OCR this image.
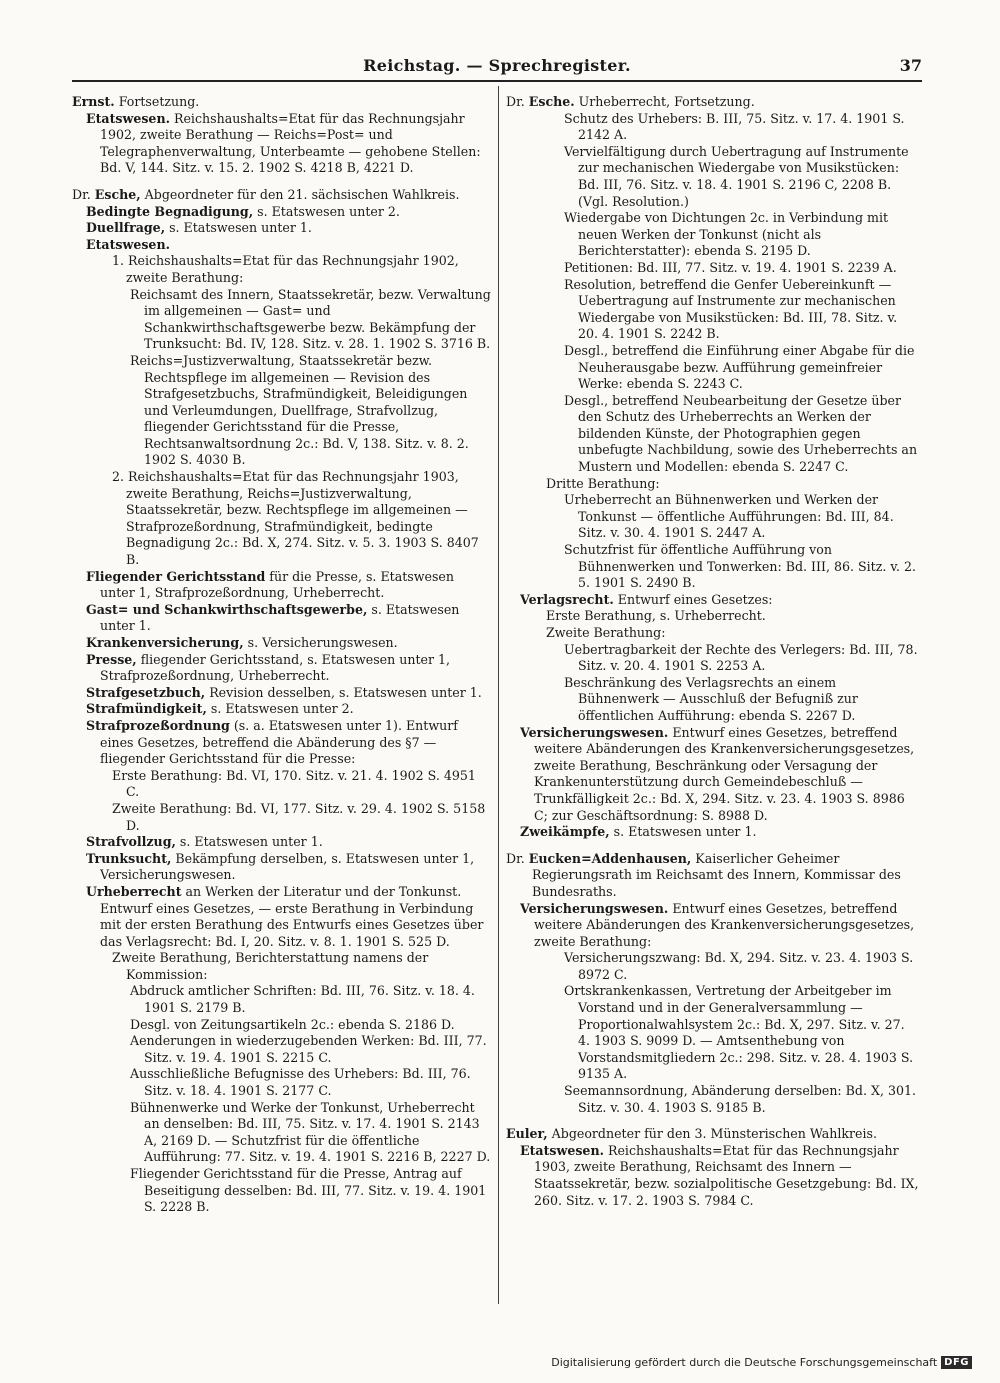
Reichstag. — Sprechregister.	37
Ernst. Fortsetzung.
Etatswesen. Reichshaushalts=Etat für das Rechnungsjahr 1902, zweite Berathung — Reichs=Post= und Telegraphenverwaltung, Unterbeamte — gehobene Stellen: Bd. V, 144. Sitz. v. 15. 2. 1902 S. 4218 B, 4221 D.
Dr. Esche, Abgeordneter für den 21. sächsischen Wahlkreis.
Bedingte Begnadigung, s. Etatswesen unter 2.
Duellfrage, s. Etatswesen unter 1.
Etatswesen.
1. Reichshaushalts=Etat für das Rechnungsjahr 1902, zweite Berathung:
Reichsamt des Innern, Staatssekretär, bezw. Verwaltung im allgemeinen — Gast= und Schankwirthschaftsgewerbe bezw. Bekämpfung der Trunksucht: Bd. IV, 128. Sitz. v. 28. 1. 1902 S. 3716 B.
Reichs=Justizverwaltung, Staatssekretär bezw. Rechtspflege im allgemeinen — Revision des Strafgesetzbuchs, Strafmündigkeit, Beleidigungen und Verleumdungen, Duellfrage, Strafvollzug, fliegender Gerichtsstand für die Presse, Rechtsanwaltsordnung 2c.: Bd. V, 138. Sitz. v. 8. 2. 1902 S. 4030 B.
2. Reichshaushalts=Etat für das Rechnungsjahr 1903, zweite Berathung, Reichs=Justizverwaltung, Staatssekretär, bezw. Rechtspflege im allgemeinen — Strafprozeßordnung, Strafmündigkeit, bedingte Begnadigung 2c.: Bd. X, 274. Sitz. v. 5. 3. 1903 S. 8407 B.
Fliegender Gerichtsstand für die Presse, s. Etatswesen unter 1, Strafprozeßordnung, Urheberrecht.
Gast= und Schankwirthschaftsgewerbe, s. Etatswesen unter 1.
Krankenversicherung, s. Versicherungswesen.
Presse, fliegender Gerichtsstand, s. Etatswesen unter 1, Strafprozeßordnung, Urheberrecht.
Strafgesetzbuch, Revision desselben, s. Etatswesen unter 1.
Strafmündigkeit, s. Etatswesen unter 2.
Strafprozeßordnung (s. a. Etatswesen unter 1). Entwurf eines Gesetzes, betreffend die Abänderung des §7 — fliegender Gerichtsstand für die Presse:
Erste Berathung: Bd. VI, 170. Sitz. v. 21. 4. 1902 S. 4951 C.
Zweite Berathung: Bd. VI, 177. Sitz. v. 29. 4. 1902 S. 5158 D.
Strafvollzug, s. Etatswesen unter 1.
Trunksucht, Bekämpfung derselben, s. Etatswesen unter 1, Versicherungswesen.
Urheberrecht an Werken der Literatur und der Tonkunst. Entwurf eines Gesetzes, — erste Berathung in Verbindung mit der ersten Berathung des Entwurfs eines Gesetzes über das Verlagsrecht: Bd. I, 20. Sitz. v. 8. 1. 1901 S. 525 D.
Zweite Berathung, Berichterstattung namens der Kommission:
Abdruck amtlicher Schriften: Bd. III, 76. Sitz. v. 18. 4. 1901 S. 2179 B.
Desgl. von Zeitungsartikeln 2c.: ebenda S. 2186 D.
Aenderungen in wiederzugebenden Werken: Bd. III, 77. Sitz. v. 19. 4. 1901 S. 2215 C.
Ausschließliche Befugnisse des Urhebers: Bd. III, 76. Sitz. v. 18. 4. 1901 S. 2177 C.
Bühnenwerke und Werke der Tonkunst, Urheberrecht an denselben: Bd. III, 75. Sitz. v. 17. 4. 1901 S. 2143 A, 2169 D. — Schutzfrist für die öffentliche Aufführung: 77. Sitz. v. 19. 4. 1901 S. 2216 B, 2227 D.
Fliegender Gerichtsstand für die Presse, Antrag auf Beseitigung desselben: Bd. III, 77. Sitz. v. 19. 4. 1901 S. 2228 B.
Dr. Esche. Urheberrecht, Fortsetzung.
Schutz des Urhebers: B. III, 75. Sitz. v. 17. 4. 1901 S. 2142 A.
Vervielfältigung durch Uebertragung auf Instrumente zur mechanischen Wiedergabe von Musikstücken: Bd. III, 76. Sitz. v. 18. 4. 1901 S. 2196 C, 2208 B. (Vgl. Resolution.)
Wiedergabe von Dichtungen 2c. in Verbindung mit neuen Werken der Tonkunst (nicht als Berichterstatter): ebenda S. 2195 D.
Petitionen: Bd. III, 77. Sitz. v. 19. 4. 1901 S. 2239 A.
Resolution, betreffend die Genfer Uebereinkunft — Uebertragung auf Instrumente zur mechanischen Wiedergabe von Musikstücken: Bd. III, 78. Sitz. v. 20. 4. 1901 S. 2242 B.
Desgl., betreffend die Einführung einer Abgabe für die Neuherausgabe bezw. Aufführung gemeinfreier Werke: ebenda S. 2243 C.
Desgl., betreffend Neubearbeitung der Gesetze über den Schutz des Urheberrechts an Werken der bildenden Künste, der Photographien gegen unbefugte Nachbildung, sowie des Urheberrechts an Mustern und Modellen: ebenda S. 2247 C.
Dritte Berathung:
Urheberrecht an Bühnenwerken und Werken der Tonkunst — öffentliche Aufführungen: Bd. III, 84. Sitz. v. 30. 4. 1901 S. 2447 A.
Schutzfrist für öffentliche Aufführung von Bühnenwerken und Tonwerken: Bd. III, 86. Sitz. v. 2. 5. 1901 S. 2490 B.
Verlagsrecht. Entwurf eines Gesetzes:
Erste Berathung, s. Urheberrecht.
Zweite Berathung:
Uebertragbarkeit der Rechte des Verlegers: Bd. III, 78. Sitz. v. 20. 4. 1901 S. 2253 A.
Beschränkung des Verlagsrechts an einem Bühnenwerk — Ausschluß der Befugniß zur öffentlichen Aufführung: ebenda S. 2267 D.
Versicherungswesen. Entwurf eines Gesetzes, betreffend weitere Abänderungen des Krankenversicherungsgesetzes, zweite Berathung, Beschränkung oder Versagung der Krankenunterstützung durch Gemeindebeschluß — Trunkfälligkeit 2c.: Bd. X, 294. Sitz. v. 23. 4. 1903 S. 8986 C; zur Geschäftsordnung: S. 8988 D.
Zweikämpfe, s. Etatswesen unter 1.
Dr. Eucken=Addenhausen, Kaiserlicher Geheimer Regierungsrath im Reichsamt des Innern, Kommissar des Bundesraths.
Versicherungswesen. Entwurf eines Gesetzes, betreffend weitere Abänderungen des Krankenversicherungsgesetzes, zweite Berathung:
Versicherungszwang: Bd. X, 294. Sitz. v. 23. 4. 1903 S. 8972 C.
Ortskrankenkassen, Vertretung der Arbeitgeber im Vorstand und in der Generalversammlung — Proportionalwahlsystem 2c.: Bd. X, 297. Sitz. v. 27. 4. 1903 S. 9099 D. — Amtsenthebung von Vorstandsmitgliedern 2c.: 298. Sitz. v. 28. 4. 1903 S. 9135 A.
Seemannsordnung, Abänderung derselben: Bd. X, 301. Sitz. v. 30. 4. 1903 S. 9185 B.
Euler, Abgeordneter für den 3. Münsterischen Wahlkreis.
Etatswesen. Reichshaushalts=Etat für das Rechnungsjahr 1903, zweite Berathung, Reichsamt des Innern — Staatssekretär, bezw. sozialpolitische Gesetzgebung: Bd. IX, 260. Sitz. v. 17. 2. 1903 S. 7984 C.
Digitalisierung gefördert durch die Deutsche Forschungsgemeinschaft DFG
